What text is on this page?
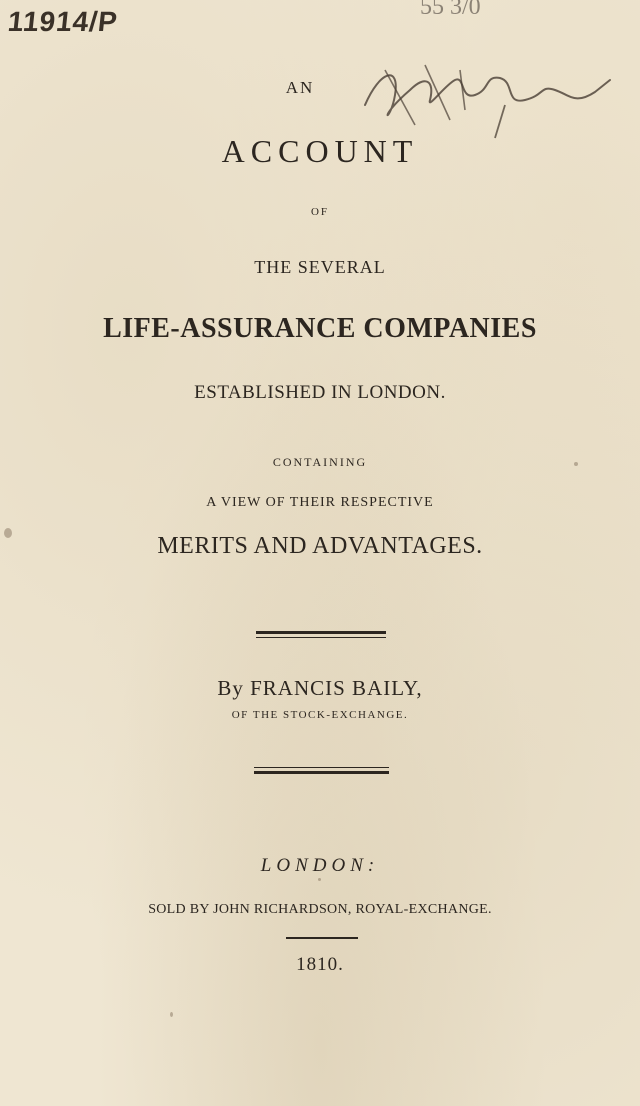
11914/P	55 3/0
AN
ACCOUNT
OF
THE SEVERAL
LIFE-ASSURANCE COMPANIES
ESTABLISHED IN LONDON.
CONTAINING
A VIEW OF THEIR RESPECTIVE
MERITS AND ADVANTAGES.
By FRANCIS BAILY,
OF THE STOCK-EXCHANGE.
LONDON:
SOLD BY JOHN RICHARDSON, ROYAL-EXCHANGE.
1810.
